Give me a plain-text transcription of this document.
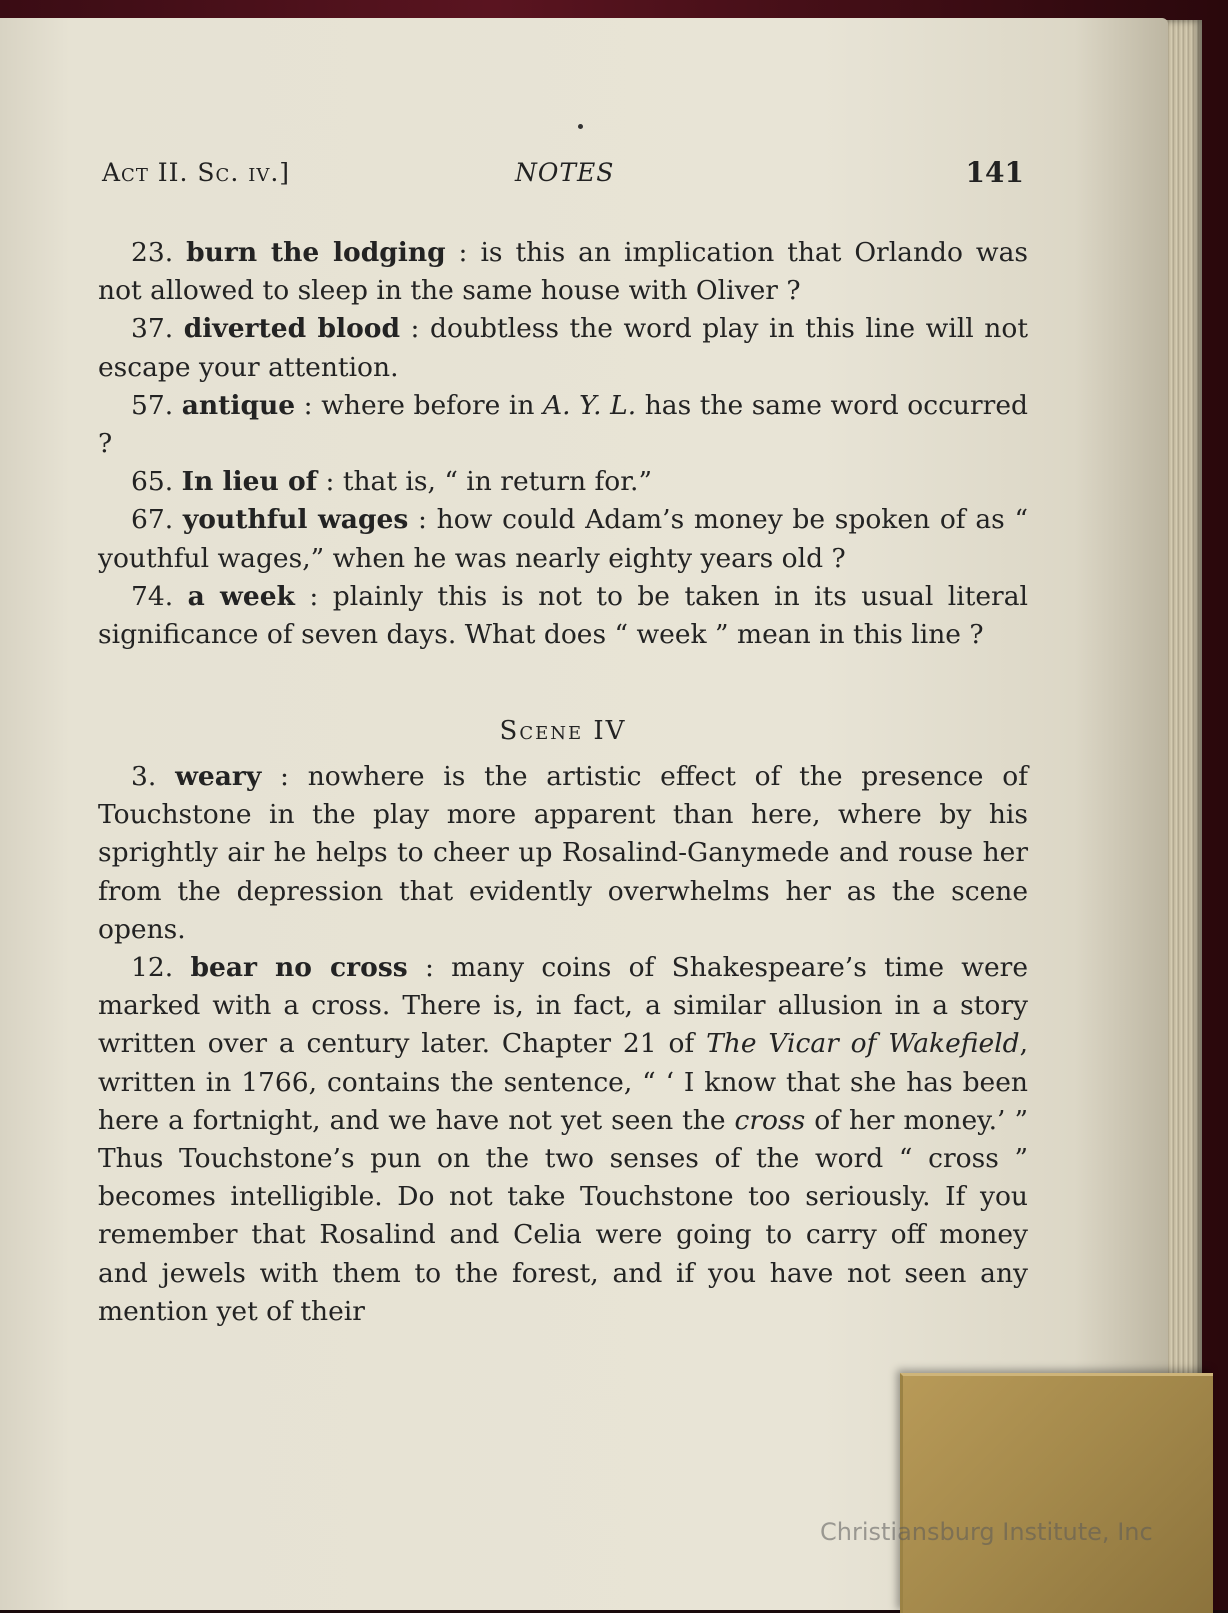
Act II. Sc. iv.]	NOTES	141

23. burn the lodging : is this an implication that Orlando was not allowed to sleep in the same house with Oliver ?

37. diverted blood : doubtless the word play in this line will not escape your attention.

57. antique : where before in A. Y. L. has the same word occurred ?

65. In lieu of : that is, “ in return for.”

67. youthful wages : how could Adam’s money be spoken of as “ youthful wages,” when he was nearly eighty years old ?

74. a week : plainly this is not to be taken in its usual literal significance of seven days. What does “ week ” mean in this line ?

Scene IV

3. weary : nowhere is the artistic effect of the presence of Touchstone in the play more apparent than here, where by his sprightly air he helps to cheer up Rosalind-Ganymede and rouse her from the depression that evidently overwhelms her as the scene opens.

12. bear no cross : many coins of Shakespeare’s time were marked with a cross. There is, in fact, a similar allusion in a story written over a century later. Chapter 21 of The Vicar of Wakefield, written in 1766, contains the sentence, “ ‘ I know that she has been here a fortnight, and we have not yet seen the cross of her money.’ ” Thus Touchstone’s pun on the two senses of the word “ cross ” becomes intelligible. Do not take Touchstone too seriously. If you remember that Rosalind and Celia were going to carry off money and jewels with them to the forest, and if you have not seen any mention yet of their

Christiansburg Institute, Inc
